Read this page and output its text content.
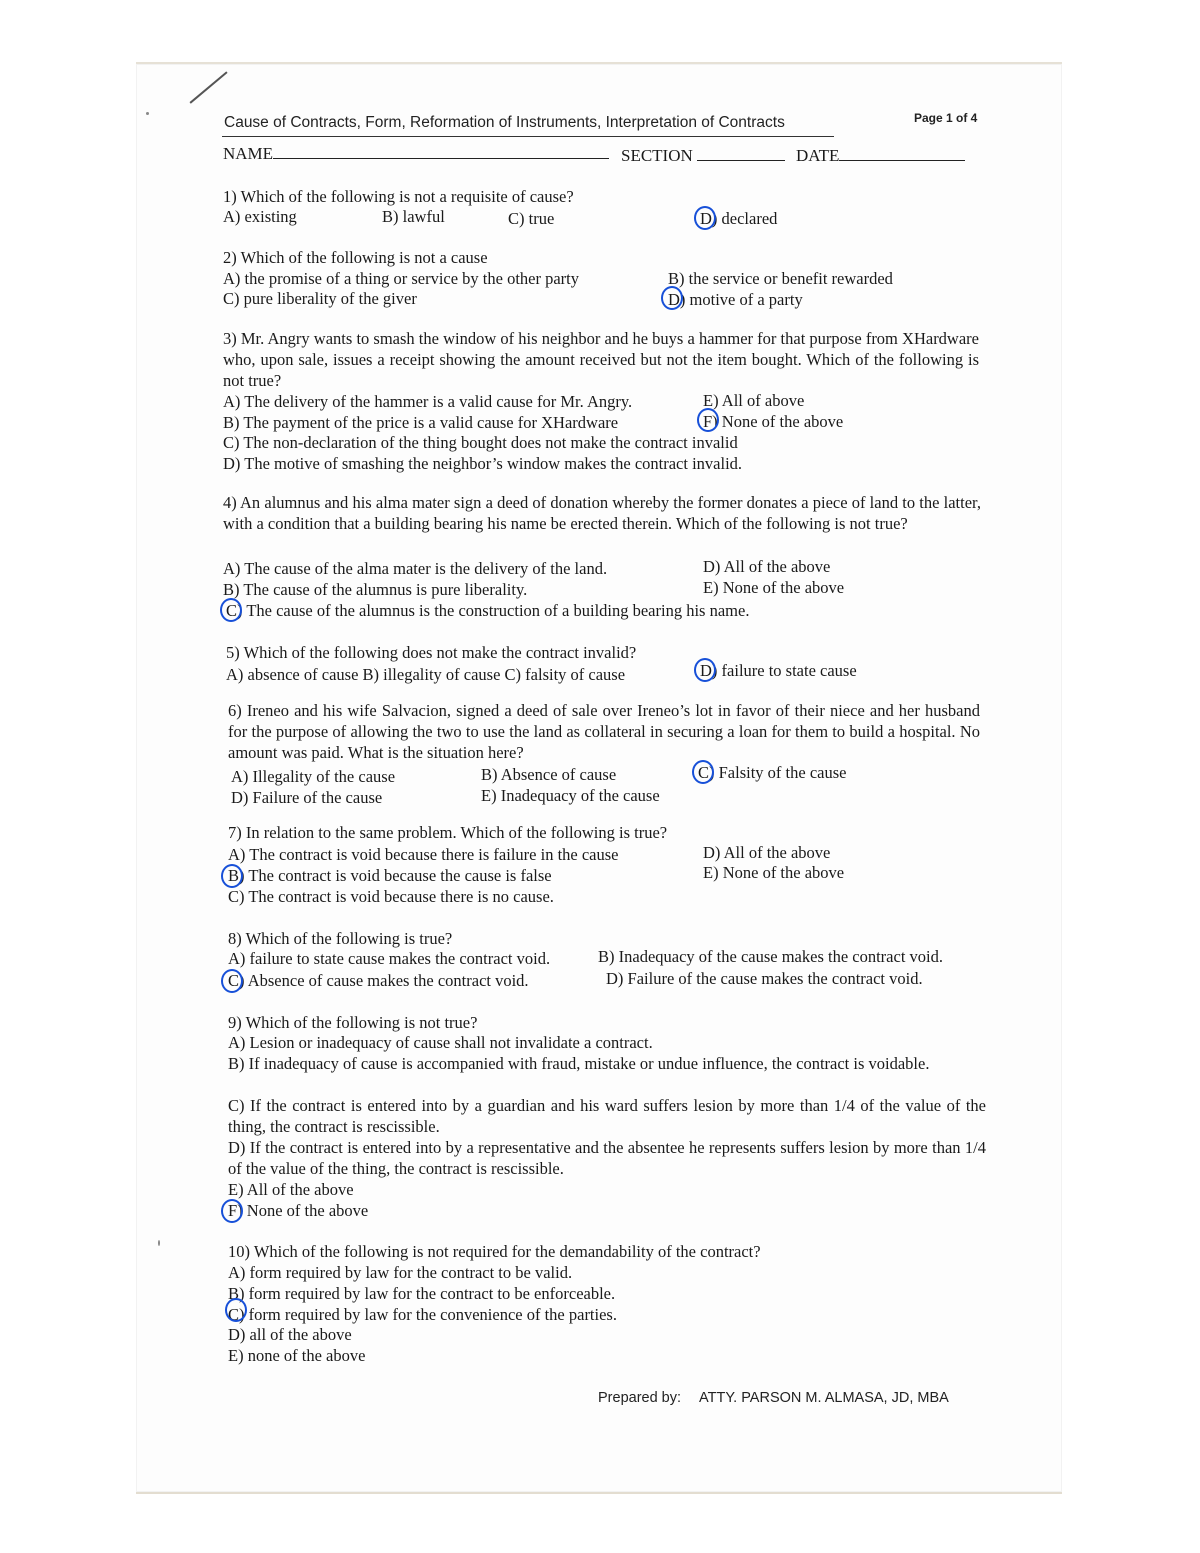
Cause of Contracts, Form, Reformation of Instruments, Interpretation of Contracts	Page 1 of 4
NAME	SECTION	DATE
1) Which of the following is not a requisite of cause?
A) existing	B) lawful	C) true	D) declared
2) Which of the following is not a cause
A) the promise of a thing or service by the other party	B) the service or benefit rewarded
C) pure liberality of the giver	D) motive of a party
3) Mr. Angry wants to smash the window of his neighbor and he buys a hammer for that purpose from XHardware who, upon sale, issues a receipt showing the amount received but not the item bought. Which of the following is not true?
A) The delivery of the hammer is a valid cause for Mr. Angry.
B) The payment of the price is a valid cause for XHardware
C) The non-declaration of the thing bought does not make the contract invalid
D) The motive of smashing the neighbor’s window makes the contract invalid.
E) All of above
F) None of the above
4) An alumnus and his alma mater sign a deed of donation whereby the former donates a piece of land to the latter, with a condition that a building bearing his name be erected therein. Which of the following is not true?
A) The cause of the alma mater is the delivery of the land.
B) The cause of the alumnus is pure liberality.
C) The cause of the alumnus is the construction of a building bearing his name.
D) All of the above
E) None of the above
5) Which of the following does not make the contract invalid?
A) absence of cause B) illegality of cause C) falsity of cause	D) failure to state cause
6) Ireneo and his wife Salvacion, signed a deed of sale over Ireneo’s lot in favor of their niece and her husband for the purpose of allowing the two to use the land as collateral in securing a loan for them to build a hospital. No amount was paid. What is the situation here?
A) Illegality of the cause	B) Absence of cause	C) Falsity of the cause
D) Failure of the cause	E) Inadequacy of the cause
7) In relation to the same problem. Which of the following is true?
A) The contract is void because there is failure in the cause
B) The contract is void because the cause is false
C) The contract is void because there is no cause.
D) All of the above
E) None of the above
8) Which of the following is true?
A) failure to state cause makes the contract void.	B) Inadequacy of the cause makes the contract void.
C) Absence of cause makes the contract void.	D) Failure of the cause makes the contract void.
9) Which of the following is not true?
A) Lesion or inadequacy of cause shall not invalidate a contract.
B) If inadequacy of cause is accompanied with fraud, mistake or undue influence, the contract is voidable.
C) If the contract is entered into by a guardian and his ward suffers lesion by more than 1/4 of the value of the thing, the contract is rescissible.
D) If the contract is entered into by a representative and the absentee he represents suffers lesion by more than 1/4 of the value of the thing, the contract is rescissible.
E) All of the above
F) None of the above
10) Which of the following is not required for the demandability of the contract?
A) form required by law for the contract to be valid.
B) form required by law for the contract to be enforceable.
C) form required by law for the convenience of the parties.
D) all of the above
E) none of the above
Prepared by: ATTY. PARSON M. ALMASA, JD, MBA
